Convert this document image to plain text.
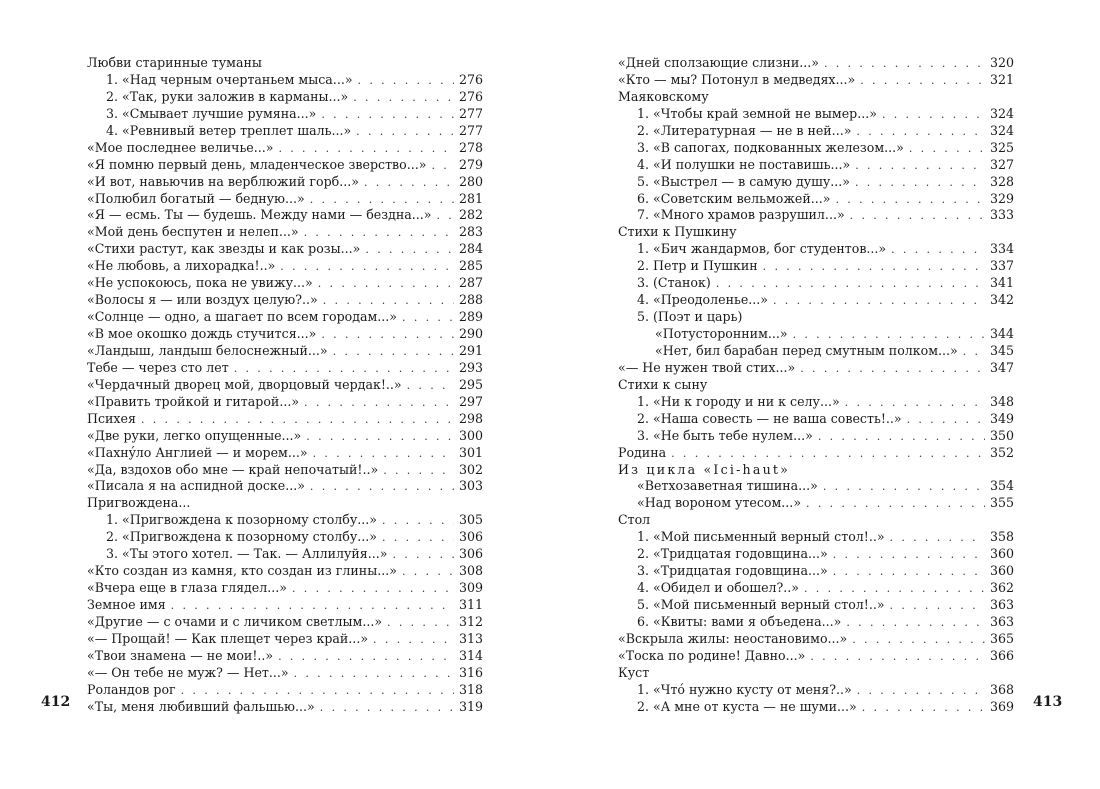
412
Любви старинные туманы
1. «Над черным очертаньем мыса...» . . .	276
2. «Так, руки заложив в карманы...» . . .	276
3. «Смывает лучшие румяна...» . . .	277
4. «Ревнивый ветер треплет шаль...» . . .	277
«Мое последнее величье...» . . .	278
«Я помню первый день, младенческое зверство...» . . .	279
«И вот, навьючив на верблюжий горб...» . . .	280
«Полюбил богатый — бедную...» . . .	281
«Я — есмь. Ты — будешь. Между нами — бездна...» . . . 282
«Мой день беспутен и нелеп...» . . .	283
«Стихи растут, как звезды и как розы...» . . .	284
«Не любовь, а лихорадка!..» . . .	285
«Не успокоюсь, пока не увижу...» . . .	287
«Волосы я — или воздух целую?..» . . .	288
«Солнце — одно, а шагает по всем городам...» . . .	289
«В мое окошко дождь стучится...» . . .	290
«Ландыш, ландыш белоснежный...» . . .	291
Тебе — через сто лет . . .	293
«Чердачный дворец мой, дворцовый чердак!..» . . .	295
«Править тройкой и гитарой...» . . .	297
Психея . . .	298
«Две руки, легко опущенные...» . . .	300
«Пахнýло Англией — и морем...» . . .	301
«Да, вздохов обо мне — край непочатый!..» . . .	302
«Писала я на аспидной доске...» . . .	303
Пригвождена...
1. «Пригвождена к позорному столбу...» . . .	305
2. «Пригвождена к позорному столбу...» . . .	306
3. «Ты этого хотел. — Так. — Аллилуйя...» . . .	306
«Кто создан из камня, кто создан из глины...» . . .	308
«Вчера еще в глаза глядел...» . . .	309
Земное имя . . .	311
«Другие — с очами и с личиком светлым...» . . .	312
«— Прощай! — Как плещет через край...» . . .	313
«Твои знамена — не мои!..» . . .	314
«— Он тебе не муж? — Нет...» . . .	316
Роландов рог . . .	318
«Ты, меня любивший фальшью...» . . .	319
«Дней сползающие слизни...» . . .	320
«Кто — мы? Потонул в медведях...» . . .	321
Маяковскому
1. «Чтобы край земной не вымер...» . . .	324
2. «Литературная — не в ней...» . . .	324
3. «В сапогах, подкованных железом...» . . .	325
4. «И полушки не поставишь...» . . .	327
5. «Выстрел — в самую душу...» . . .	328
6. «Советским вельможей...» . . .	329
7. «Много храмов разрушил...» . . .	333
Стихи к Пушкину
1. «Бич жандармов, бог студентов...» . . .	334
2. Петр и Пушкин . . .	337
3. (Станок) . . .	341
4. «Преодоленье...» . . .	342
5. (Поэт и царь)
«Потусторонним...» . . .	344
«Нет, бил барабан перед смутным полком...» . . .	345
«— Не нужен твой стих...» . . .	347
Стихи к сыну
1. «Ни к городу и ни к селу...» . . .	348
2. «Наша совесть — не ваша совесть!..» . . .	349
3. «Не быть тебе нулем...» . . .	350
Родина . . .	352
Из цикла «Ici-haut»
«Ветхозаветная тишина...» . . .	354
«Над вороном утесом...» . . .	355
Стол
1. «Мой письменный верный стол!..» . . .	358
2. «Тридцатая годовщина...» . . .	360
3. «Тридцатая годовщина...» . . .	360
4. «Обидел и обошел?..» . . .	362
5. «Мой письменный верный стол!..» . . .	363
6. «Квиты: вами я объедена...» . . .	363
«Вскрыла жилы: неостановимо...» . . .	365
«Тоска по родине! Давно...» . . .	366
Куст
1. «Чтó нужно кусту от меня?..» . . .	368
2. «А мне от куста — не шуми...» . . .	369 413
